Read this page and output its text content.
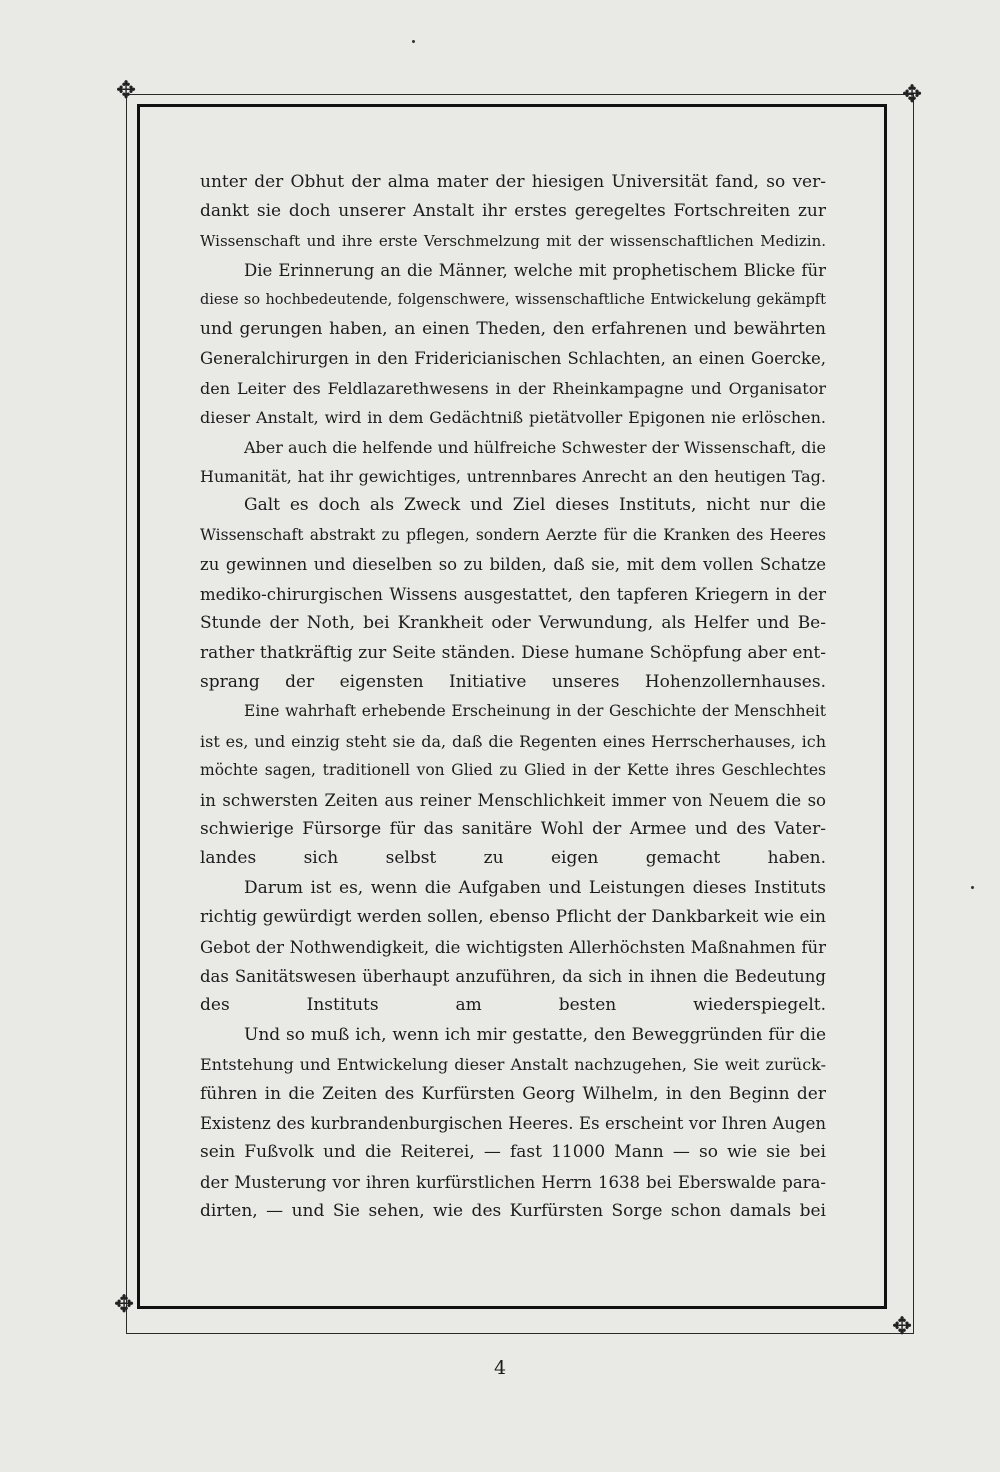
✥	✥
✥
✥
unter der Obhut der alma mater der hiesigen Universität fand, so ver-
dankt sie doch unserer Anstalt ihr erstes geregeltes Fortschreiten zur
Wissenschaft und ihre erste Verschmelzung mit der wissenschaftlichen Medizin.
Die Erinnerung an die Männer, welche mit prophetischem Blicke für
diese so hochbedeutende, folgenschwere, wissenschaftliche Entwickelung gekämpft
und gerungen haben, an einen Theden, den erfahrenen und bewährten
Generalchirurgen in den Fridericianischen Schlachten, an einen Goercke,
den Leiter des Feldlazarethwesens in der Rheinkampagne und Organisator
dieser Anstalt, wird in dem Gedächtniß pietätvoller Epigonen nie erlöschen.
Aber auch die helfende und hülfreiche Schwester der Wissenschaft, die
Humanität, hat ihr gewichtiges, untrennbares Anrecht an den heutigen Tag.
Galt es doch als Zweck und Ziel dieses Instituts, nicht nur die
Wissenschaft abstrakt zu pflegen, sondern Aerzte für die Kranken des Heeres
zu gewinnen und dieselben so zu bilden, daß sie, mit dem vollen Schatze
mediko-chirurgischen Wissens ausgestattet, den tapferen Kriegern in der
Stunde der Noth, bei Krankheit oder Verwundung, als Helfer und Be-
rather thatkräftig zur Seite ständen. Diese humane Schöpfung aber ent-
sprang der eigensten Initiative unseres Hohenzollernhauses.
Eine wahrhaft erhebende Erscheinung in der Geschichte der Menschheit
ist es, und einzig steht sie da, daß die Regenten eines Herrscherhauses, ich
möchte sagen, traditionell von Glied zu Glied in der Kette ihres Geschlechtes
in schwersten Zeiten aus reiner Menschlichkeit immer von Neuem die so
schwierige Fürsorge für das sanitäre Wohl der Armee und des Vater-
landes sich selbst zu eigen gemacht haben.
Darum ist es, wenn die Aufgaben und Leistungen dieses Instituts
richtig gewürdigt werden sollen, ebenso Pflicht der Dankbarkeit wie ein
Gebot der Nothwendigkeit, die wichtigsten Allerhöchsten Maßnahmen für
das Sanitätswesen überhaupt anzuführen, da sich in ihnen die Bedeutung
des Instituts am besten wiederspiegelt.
Und so muß ich, wenn ich mir gestatte, den Beweggründen für die
Entstehung und Entwickelung dieser Anstalt nachzugehen, Sie weit zurück-
führen in die Zeiten des Kurfürsten Georg Wilhelm, in den Beginn der
Existenz des kurbrandenburgischen Heeres. Es erscheint vor Ihren Augen
sein Fußvolk und die Reiterei, — fast 11000 Mann — so wie sie bei
der Musterung vor ihren kurfürstlichen Herrn 1638 bei Eberswalde para-
dirten, — und Sie sehen, wie des Kurfürsten Sorge schon damals bei
4
